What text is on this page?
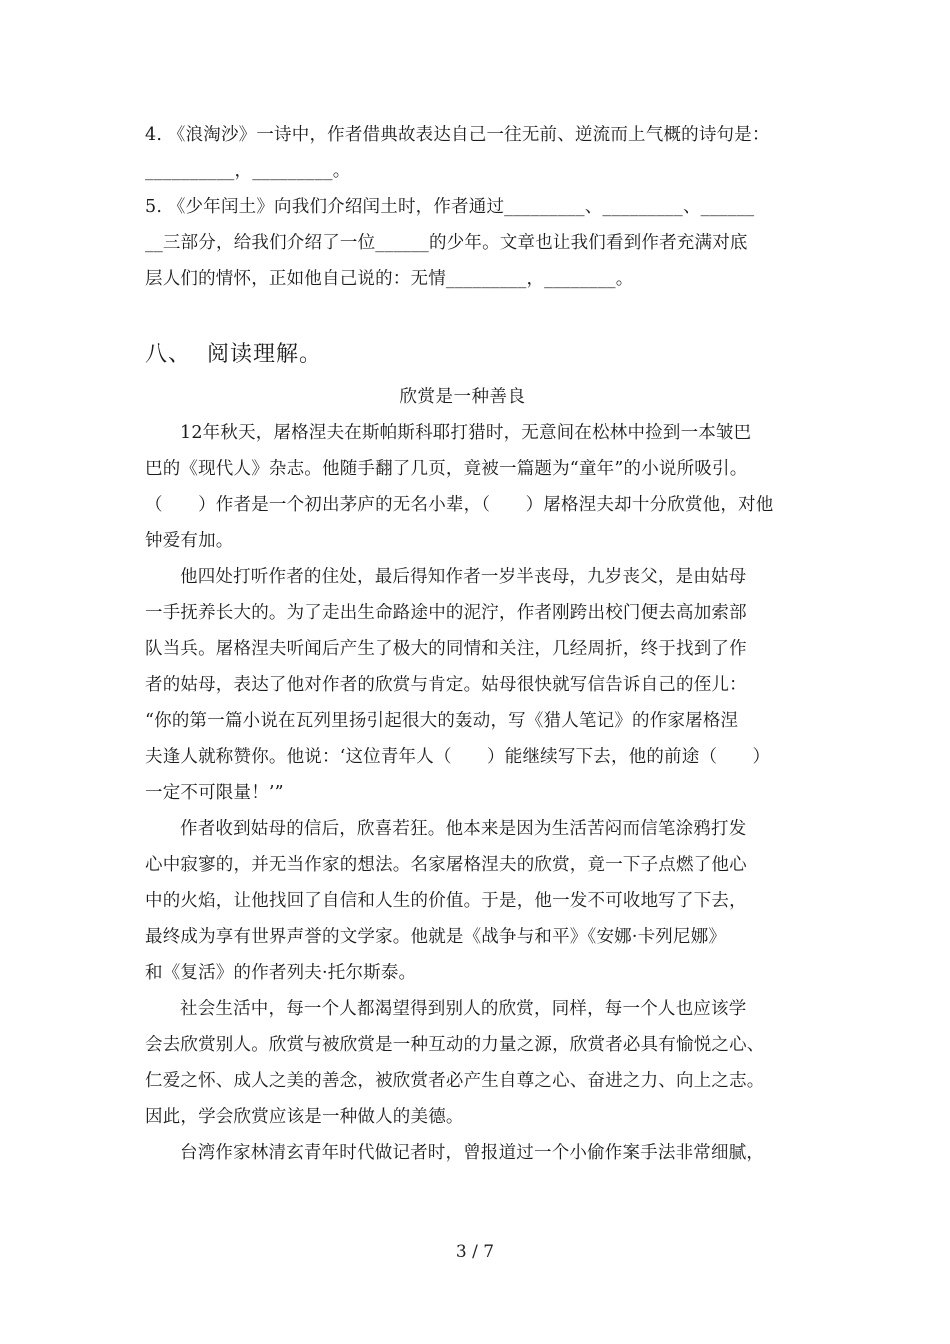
4. 《浪淘沙》一诗中，作者借典故表达自己一往无前、逆流而上气概的诗句是：
__________，_________。
5. 《少年闰土》向我们介绍闰土时，作者通过_________、_________、______
__三部分，给我们介绍了一位______的少年。文章也让我们看到作者充满对底
层人们的情怀，正如他自己说的：无情_________，________。
八、 阅读理解。
欣赏是一种善良
12年秋天，屠格涅夫在斯帕斯科耶打猎时，无意间在松林中捡到一本皱巴
巴的《现代人》杂志。他随手翻了几页，竟被一篇题为“童年”的小说所吸引。
（　　）作者是一个初出茅庐的无名小辈，（　　）屠格涅夫却十分欣赏他，对他
钟爱有加。
他四处打听作者的住处，最后得知作者一岁半丧母，九岁丧父，是由姑母
一手抚养长大的。为了走出生命路途中的泥泞，作者刚跨出校门便去高加索部
队当兵。屠格涅夫听闻后产生了极大的同情和关注，几经周折，终于找到了作
者的姑母，表达了他对作者的欣赏与肯定。姑母很快就写信告诉自己的侄儿：
“你的第一篇小说在瓦列里扬引起很大的轰动，写《猎人笔记》的作家屠格涅
夫逢人就称赞你。他说：‘这位青年人（　　）能继续写下去，他的前途（　　）
一定不可限量！’”
作者收到姑母的信后，欣喜若狂。他本来是因为生活苦闷而信笔涂鸦打发
心中寂寥的，并无当作家的想法。名家屠格涅夫的欣赏，竟一下子点燃了他心
中的火焰，让他找回了自信和人生的价值。于是，他一发不可收地写了下去，
最终成为享有世界声誉的文学家。他就是《战争与和平》《安娜·卡列尼娜》
和《复活》的作者列夫·托尔斯泰。
社会生活中，每一个人都渴望得到别人的欣赏，同样，每一个人也应该学
会去欣赏别人。欣赏与被欣赏是一种互动的力量之源，欣赏者必具有愉悦之心、
仁爱之怀、成人之美的善念，被欣赏者必产生自尊之心、奋进之力、向上之志。
因此，学会欣赏应该是一种做人的美德。
台湾作家林清玄青年时代做记者时，曾报道过一个小偷作案手法非常细腻，
3 / 7
